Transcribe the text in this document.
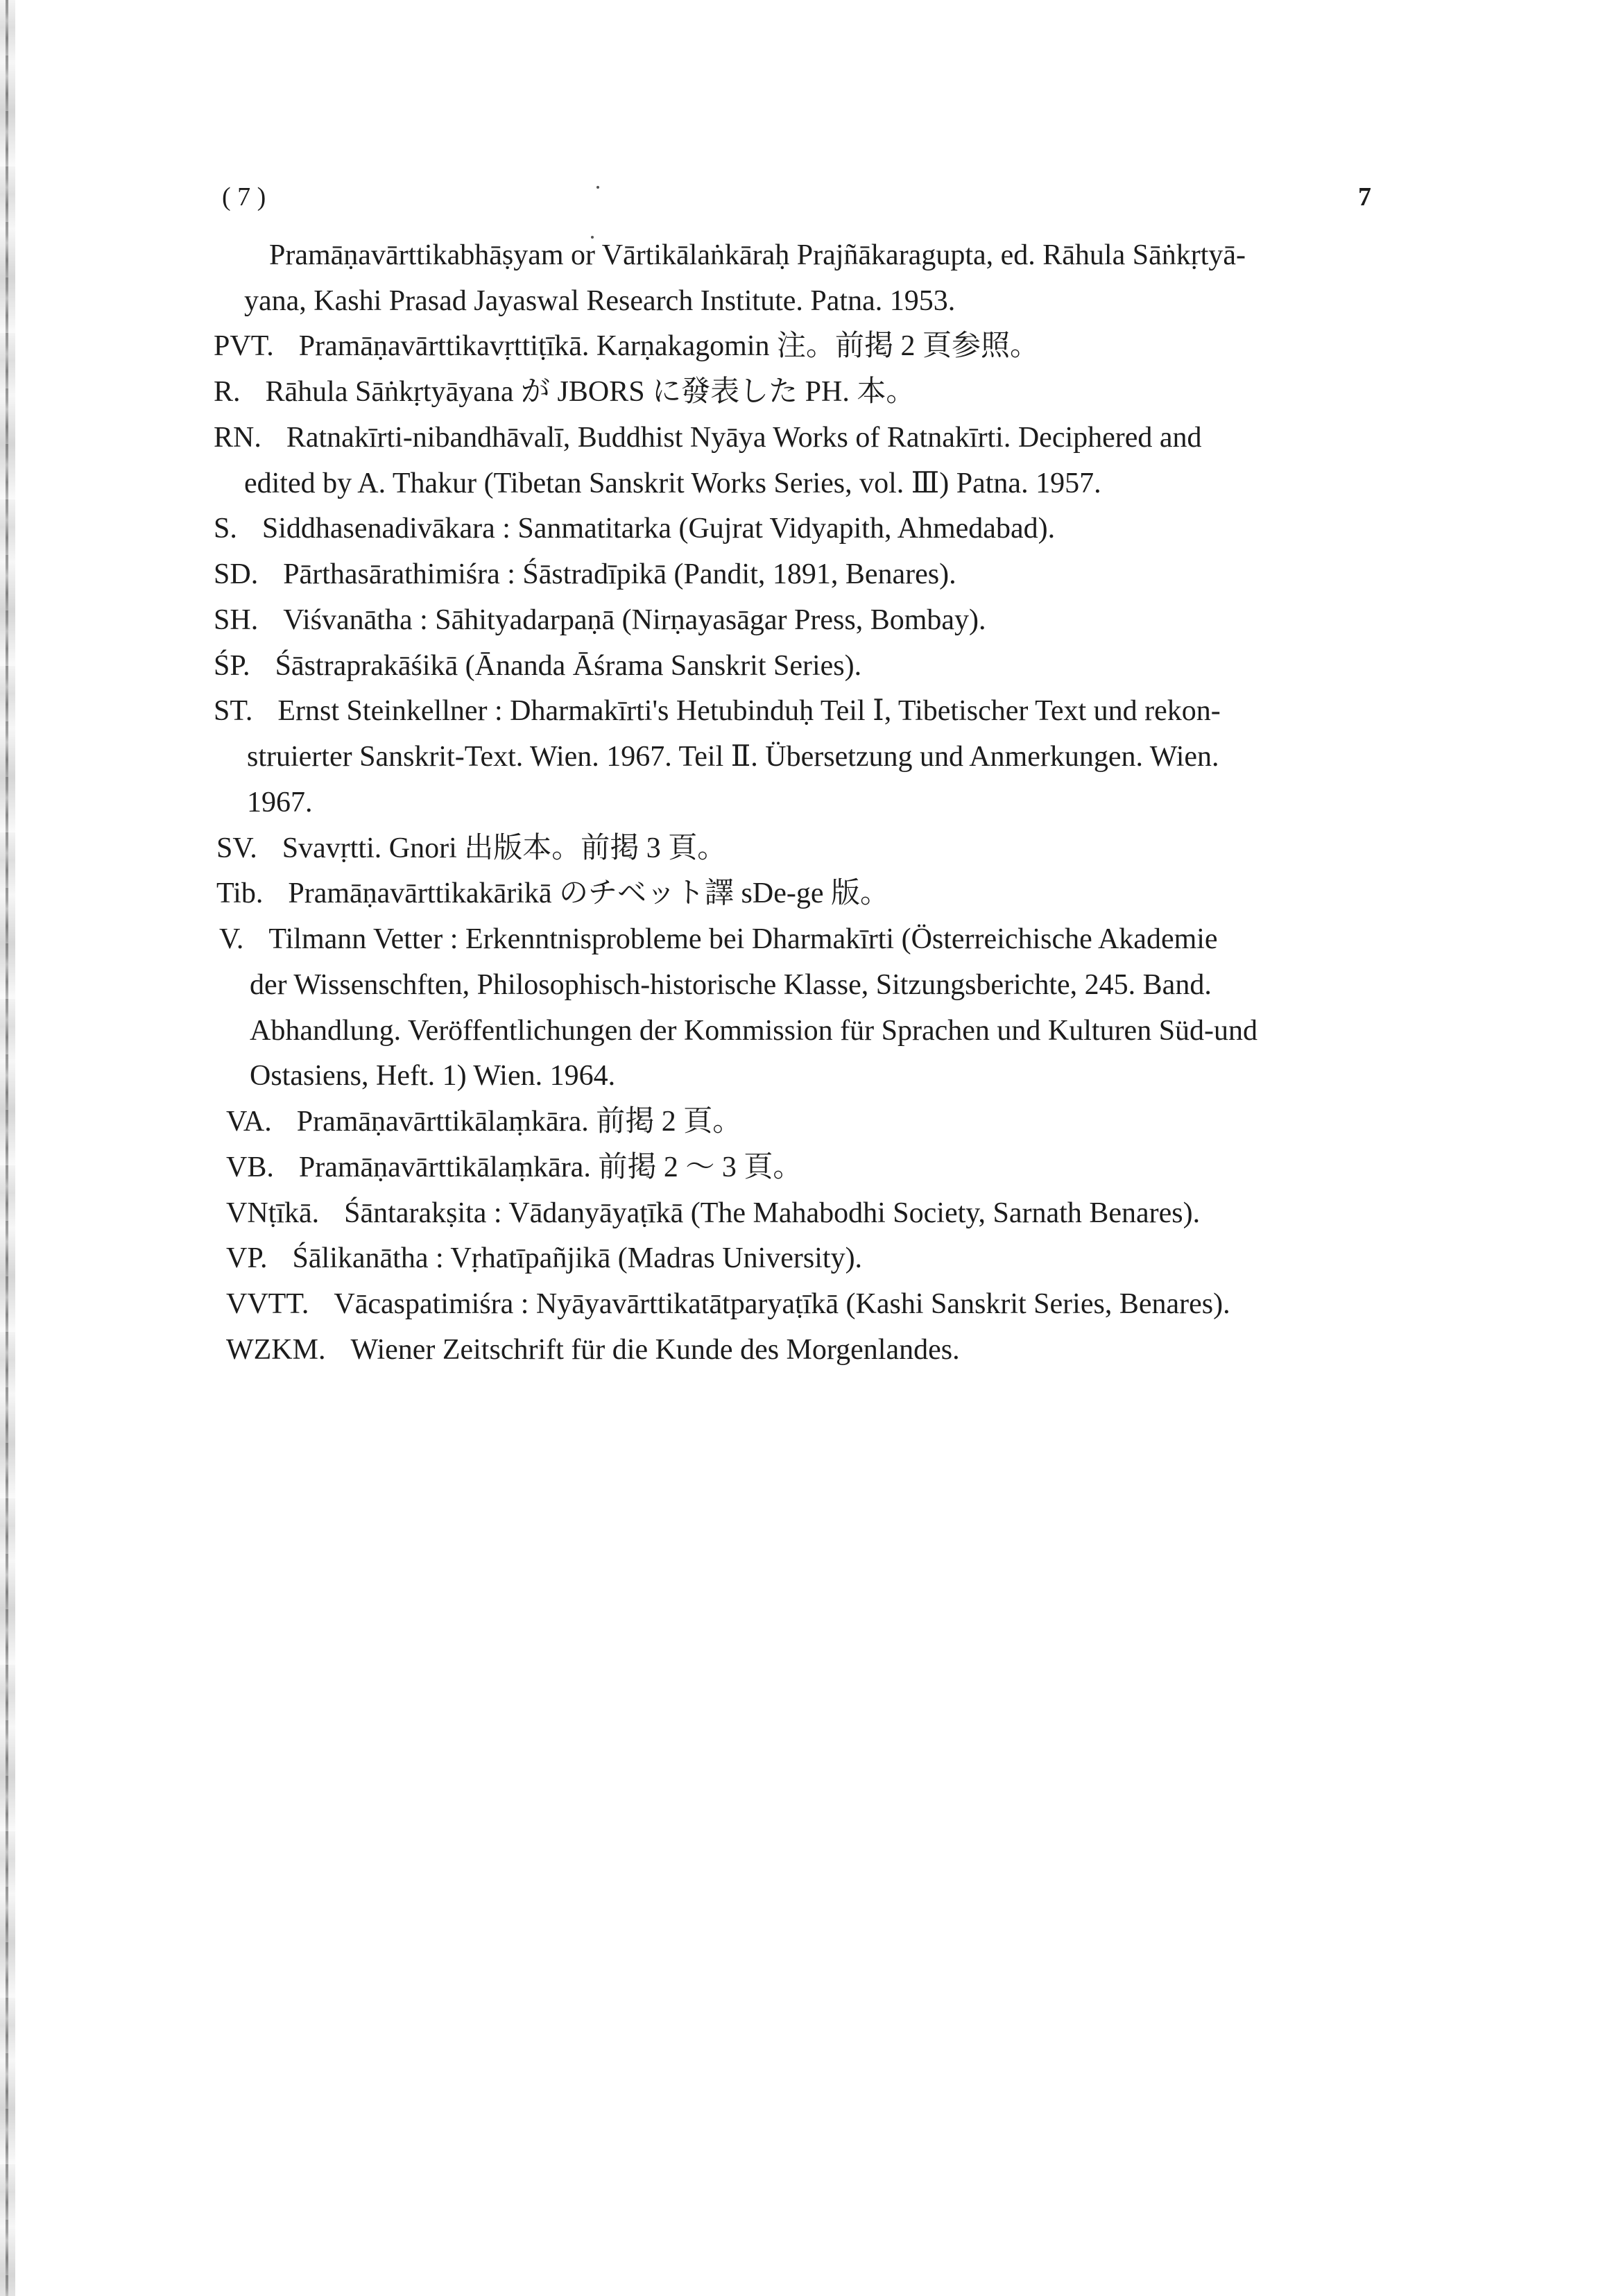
( 7 )	7
Pramāṇavārttikabhāṣyam or Vārtikālaṅkāraḥ Prajñākaragupta, ed. Rāhula Sāṅkṛtyā-
yana, Kashi Prasad Jayaswal Research Institute. Patna. 1953.
PVT. Pramāṇavārttikavṛttiṭīkā. Karṇakagomin 注。前掲 2 頁参照。
R. Rāhula Sāṅkṛtyāyana が JBORS に發表した PH. 本。
RN. Ratnakīrti-nibandhāvalī, Buddhist Nyāya Works of Ratnakīrti. Deciphered and
edited by A. Thakur (Tibetan Sanskrit Works Series, vol. Ⅲ) Patna. 1957.
S. Siddhasenadivākara : Sanmatitarka (Gujrat Vidyapith, Ahmedabad).
SD. Pārthasārathimiśra : Śāstradīpikā (Pandit, 1891, Benares).
SH. Viśvanātha : Sāhityadarpaṇā (Nirṇayasāgar Press, Bombay).
ŚP. Śāstraprakāśikā (Ānanda Āśrama Sanskrit Series).
ST. Ernst Steinkellner : Dharmakīrti's Hetubinduḥ Teil Ⅰ, Tibetischer Text und rekon-
struierter Sanskrit-Text. Wien. 1967. Teil Ⅱ. Übersetzung und Anmerkungen. Wien.
1967.
SV. Svavṛtti. Gnori 出版本。前掲 3 頁。
Tib. Pramāṇavārttikakārikā のチベット譯 sDe-ge 版。
V. Tilmann Vetter : Erkenntnisprobleme bei Dharmakīrti (Österreichische Akademie
der Wissenschften, Philosophisch-historische Klasse, Sitzungsberichte, 245. Band.
Abhandlung. Veröffentlichungen der Kommission für Sprachen und Kulturen Süd-und
Ostasiens, Heft. 1) Wien. 1964.
VA. Pramāṇavārttikālaṃkāra. 前掲 2 頁。
VB. Pramāṇavārttikālaṃkāra. 前掲 2 ～ 3 頁。
VNṭīkā. Śāntarakṣita : Vādanyāyaṭīkā (The Mahabodhi Society, Sarnath Benares).
VP. Śālikanātha : Vṛhatīpañjikā (Madras University).
VVTT. Vācaspatimiśra : Nyāyavārttikatātparyaṭīkā (Kashi Sanskrit Series, Benares).
WZKM. Wiener Zeitschrift für die Kunde des Morgenlandes.
